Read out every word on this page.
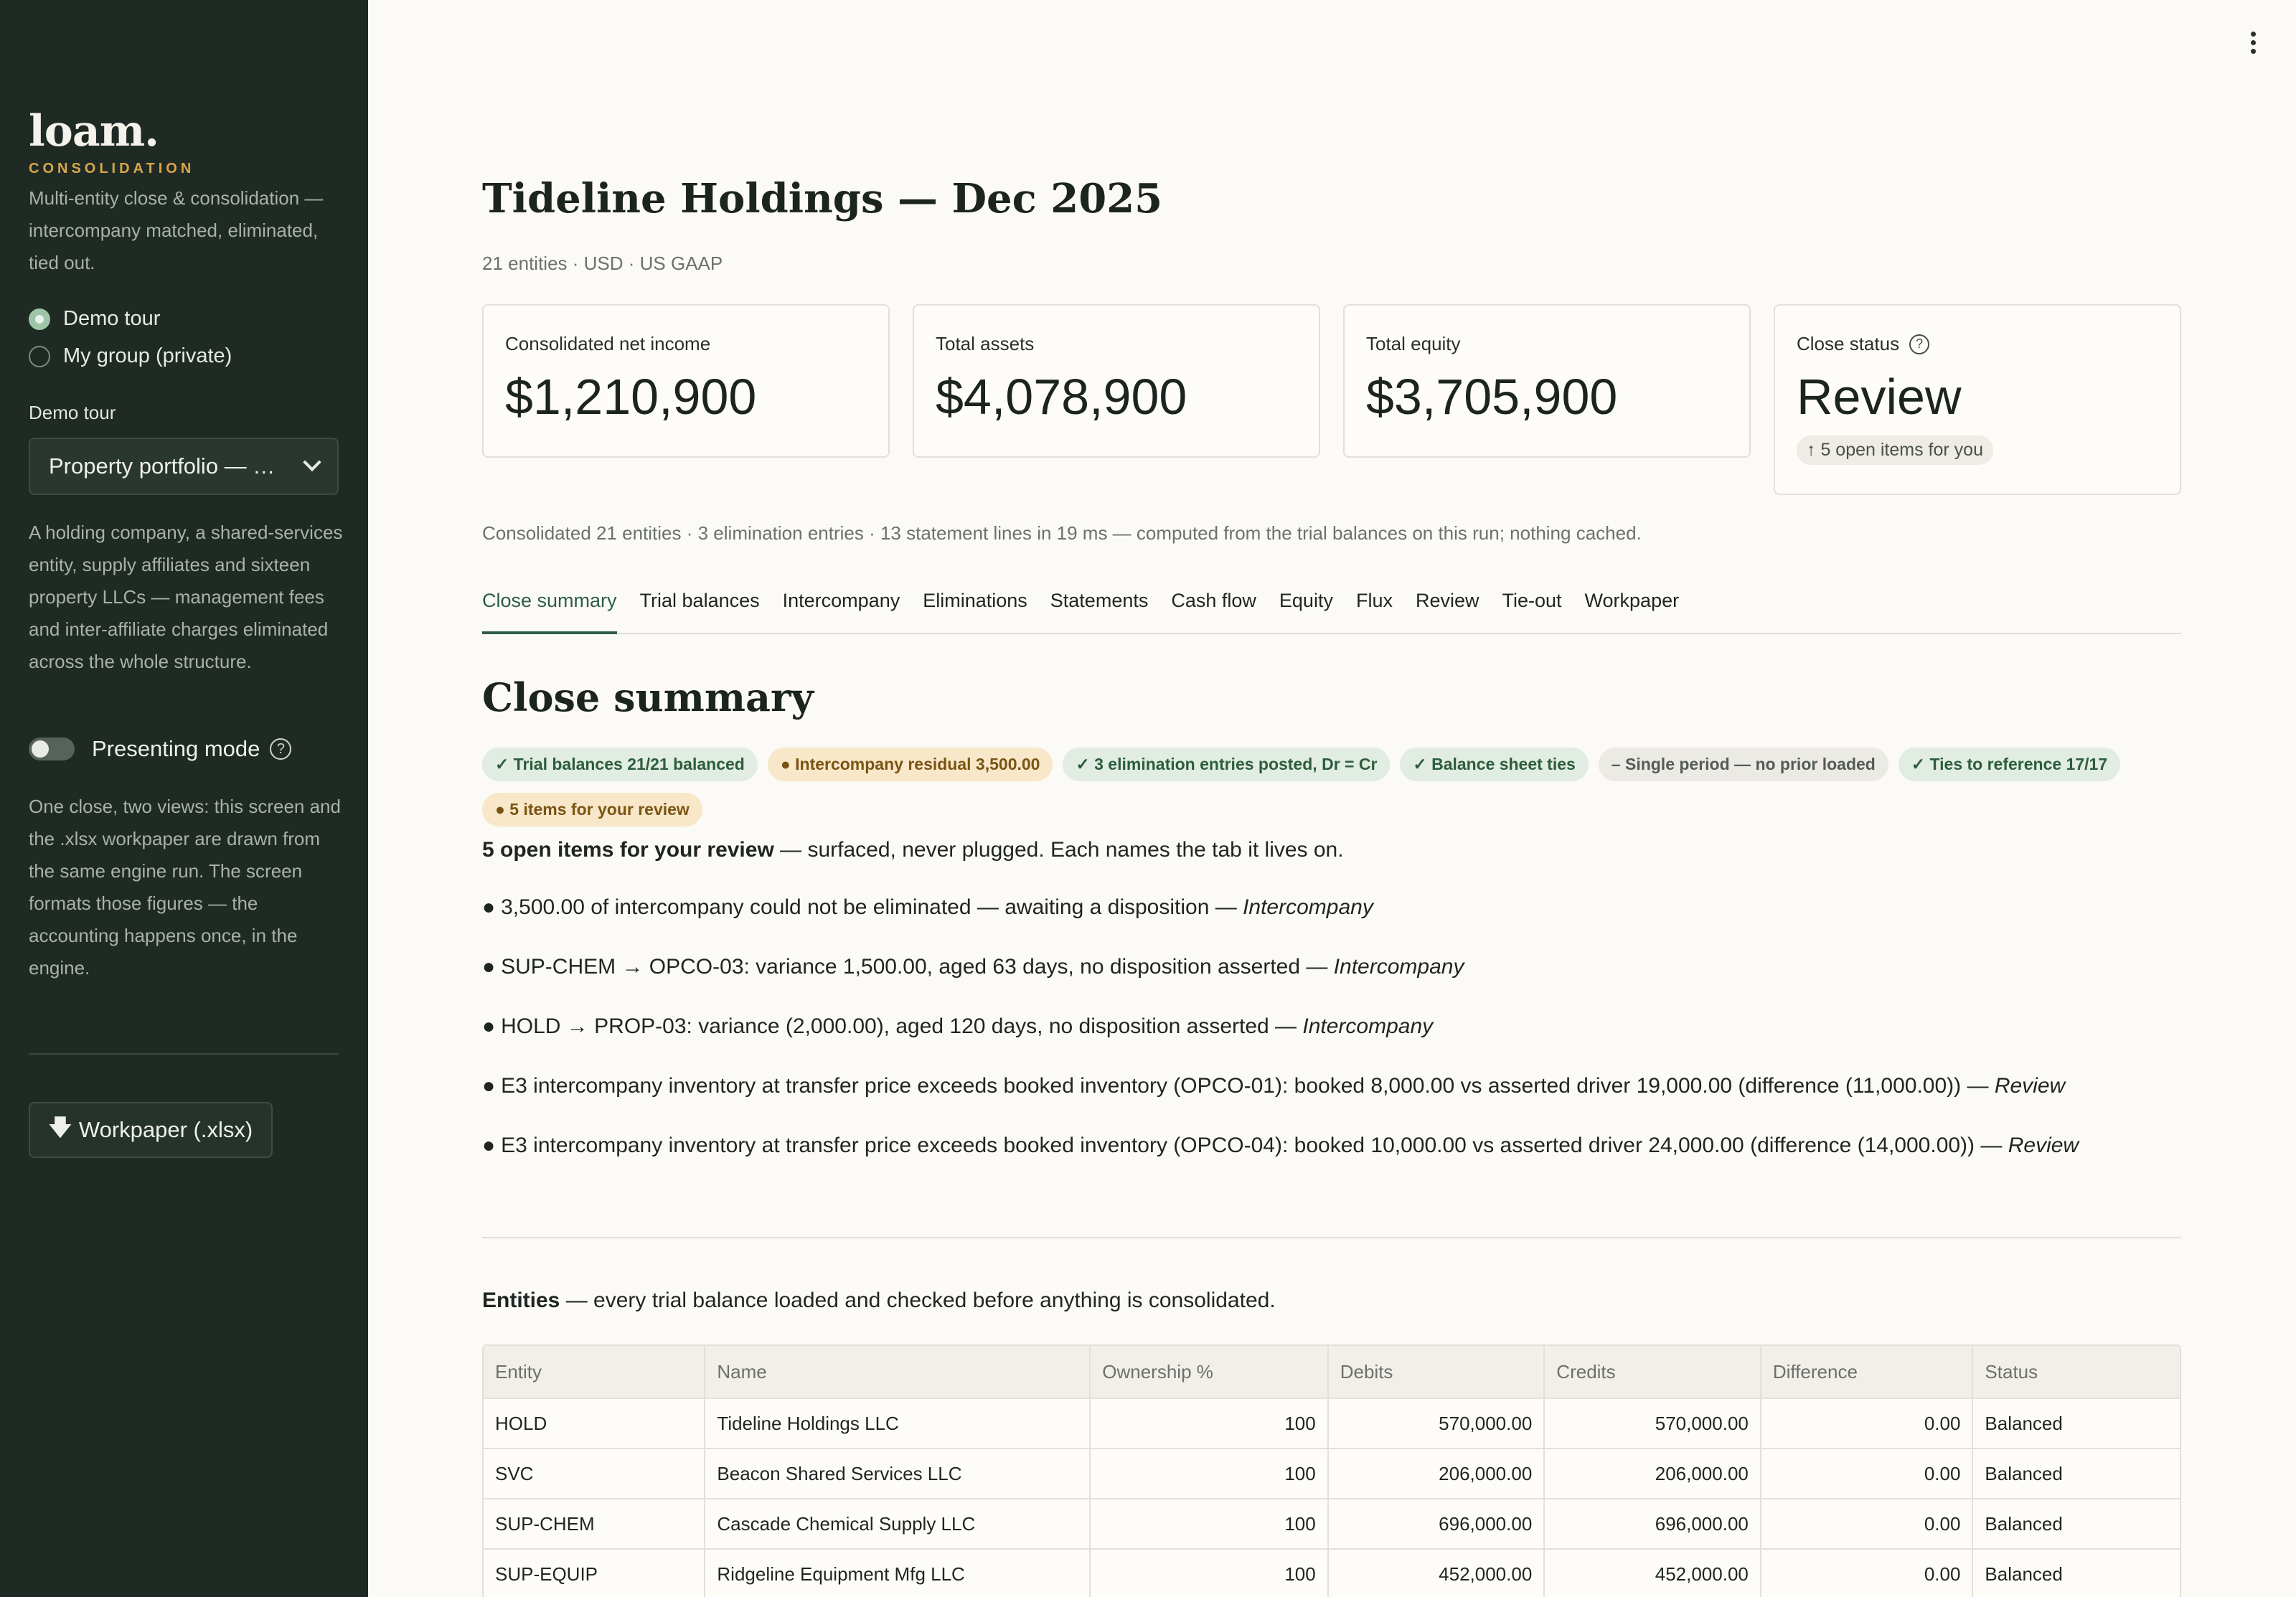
loam.
CONSOLIDATION
Multi-entity close & consolidation — intercompany matched, eliminated, tied out.
Demo tour
My group (private)
Demo tour
Property portfolio — …
A holding company, a shared-services entity, supply affiliates and sixteen property LLCs — management fees and inter-affiliate charges eliminated across the whole structure.
Presenting mode	?
One close, two views: this screen and the .xlsx workpaper are drawn from the same engine run. The screen formats those figures — the accounting happens once, in the engine.
🡇 Workpaper (.xlsx)
Tideline Holdings — Dec 2025
21 entities · USD · US GAAP
Consolidated net income
$1,210,900
Total assets
$4,078,900
Total equity
$3,705,900
Close status	?
Review
↑ 5 open items for you
Consolidated 21 entities · 3 elimination entries · 13 statement lines in 19 ms — computed from the trial balances on this run; nothing cached.
Close summary Trial balances Intercompany Eliminations Statements Cash flow Equity Flux Review Tie-out Workpaper
Close summary
✓ Trial balances 21/21 balanced	● Intercompany residual 3,500.00	✓ 3 elimination entries posted, Dr = Cr	✓ Balance sheet ties	– Single period — no prior loaded	✓ Ties to reference 17/17
● 5 items for your review
5 open items for your review — surfaced, never plugged. Each names the tab it lives on.
● 3,500.00 of intercompany could not be eliminated — awaiting a disposition — Intercompany
● SUP-CHEM → OPCO-03: variance 1,500.00, aged 63 days, no disposition asserted — Intercompany
● HOLD → PROP-03: variance (2,000.00), aged 120 days, no disposition asserted — Intercompany
● E3 intercompany inventory at transfer price exceeds booked inventory (OPCO-01): booked 8,000.00 vs asserted driver 19,000.00 (difference (11,000.00)) — Review
● E3 intercompany inventory at transfer price exceeds booked inventory (OPCO-04): booked 10,000.00 vs asserted driver 24,000.00 (difference (14,000.00)) — Review
Entities — every trial balance loaded and checked before anything is consolidated.
Entity	Name	Ownership %	Debits	Credits	Difference	Status
HOLD	Tideline Holdings LLC	100	570,000.00	570,000.00	0.00	Balanced
SVC	Beacon Shared Services LLC	100	206,000.00	206,000.00	0.00	Balanced
SUP-CHEM	Cascade Chemical Supply LLC	100	696,000.00	696,000.00	0.00	Balanced
SUP-EQUIP	Ridgeline Equipment Mfg LLC	100	452,000.00	452,000.00	0.00	Balanced
